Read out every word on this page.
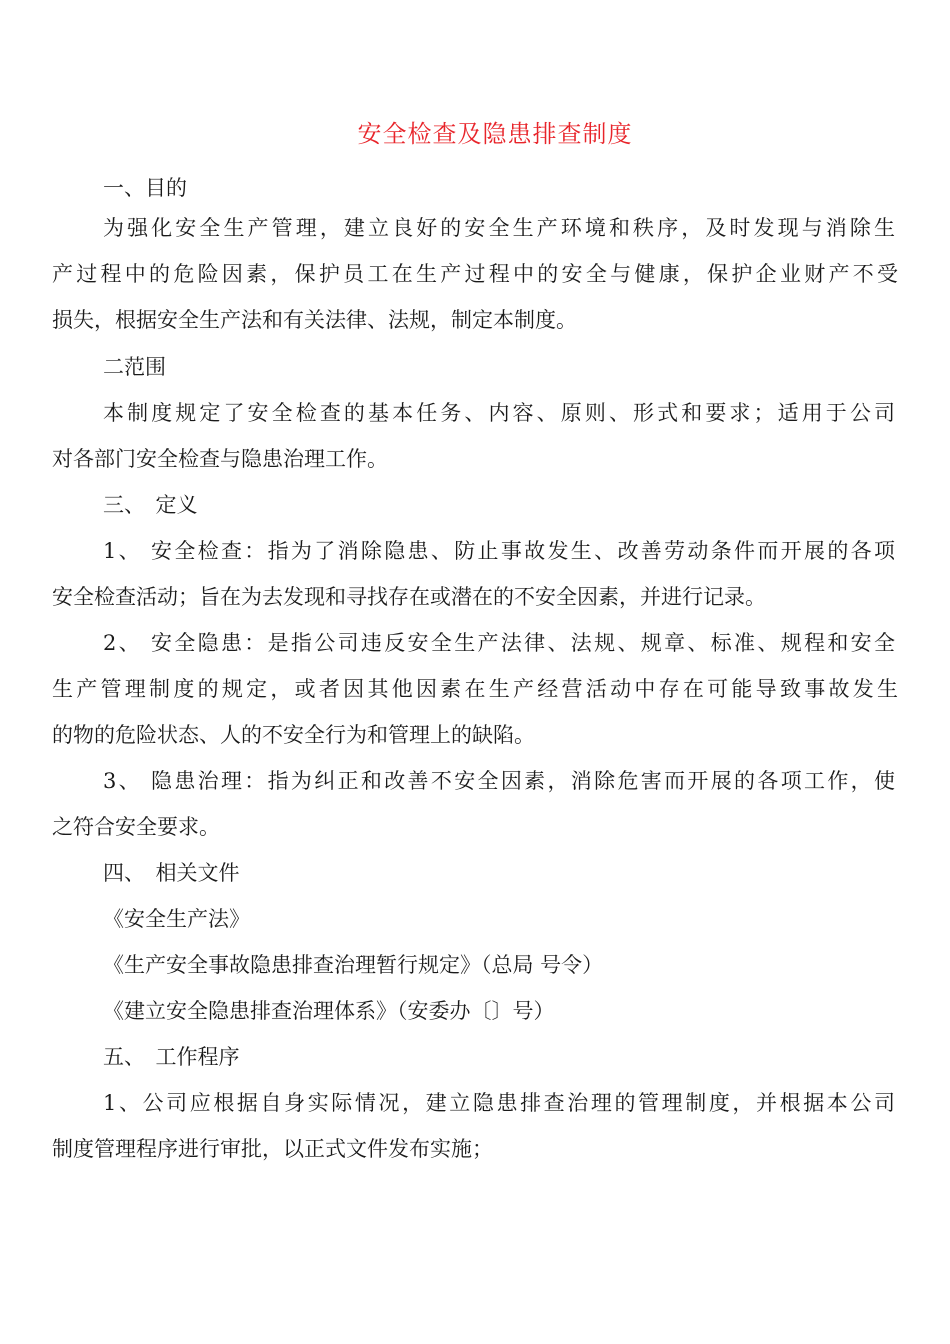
安全检查及隐患排查制度
一、目的
为强化安全生产管理，建立良好的安全生产环境和秩序，及时发现与消除生
产过程中的危险因素，保护员工在生产过程中的安全与健康，保护企业财产不受
损失，根据安全生产法和有关法律、法规，制定本制度。
二范围
本制度规定了安全检查的基本任务、内容、原则、形式和要求；适用于公司
对各部门安全检查与隐患治理工作。
三、　定义
1、 安全检查：指为了消除隐患、防止事故发生、改善劳动条件而开展的各项
安全检查活动；旨在为去发现和寻找存在或潜在的不安全因素，并进行记录。
2、 安全隐患：是指公司违反安全生产法律、法规、规章、标准、规程和安全
生产管理制度的规定，或者因其他因素在生产经营活动中存在可能导致事故发生
的物的危险状态、人的不安全行为和管理上的缺陷。
3、 隐患治理：指为纠正和改善不安全因素，消除危害而开展的各项工作，使
之符合安全要求。
四、　相关文件
《安全生产法》
《生产安全事故隐患排查治理暂行规定》（总局 号令）
《建立安全隐患排查治理体系》（安委办〔〕号）
五、　工作程序
1、公司应根据自身实际情况，建立隐患排查治理的管理制度，并根据本公司
制度管理程序进行审批，以正式文件发布实施；
